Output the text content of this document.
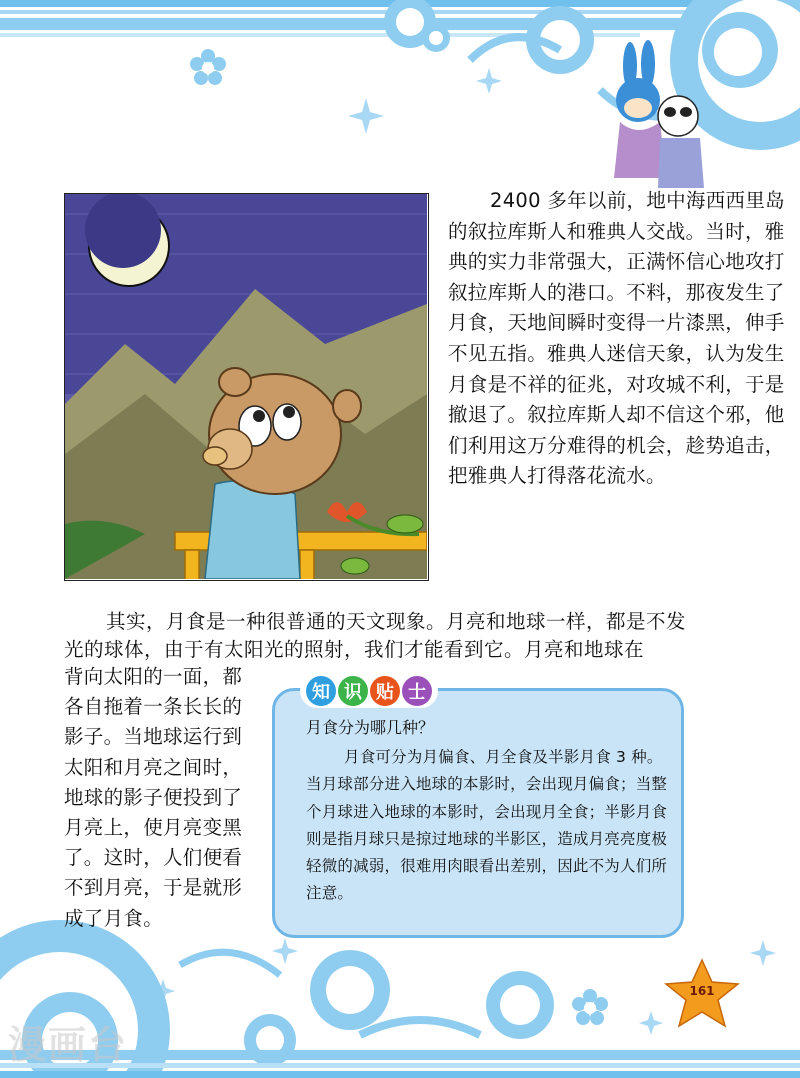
2400 多年以前，地中海西西里岛的叙拉库斯人和雅典人交战。当时，雅典的实力非常强大，正满怀信心地攻打叙拉库斯人的港口。不料，那夜发生了月食，天地间瞬时变得一片漆黑，伸手不见五指。雅典人迷信天象，认为发生月食是不祥的征兆，对攻城不利，于是撤退了。叙拉库斯人却不信这个邪，他们利用这万分难得的机会，趁势追击，把雅典人打得落花流水。

其实，月食是一种很普通的天文现象。月亮和地球一样，都是不发光的球体，由于有太阳光的照射，我们才能看到它。月亮和地球在

背向太阳的一面，都各自拖着一条长长的影子。当地球运行到太阳和月亮之间时，地球的影子便投到了月亮上，使月亮变黑了。这时，人们便看不到月亮，于是就形成了月食。

知 识 贴 士

月食分为哪几种？

月食可分为月偏食、月全食及半影月食 3 种。当月球部分进入地球的本影时，会出现月偏食；当整个月球进入地球的本影时，会出现月全食；半影月食则是指月球只是掠过地球的半影区，造成月亮亮度极轻微的减弱，很难用肉眼看出差别，因此不为人们所注意。

161
漫画台
